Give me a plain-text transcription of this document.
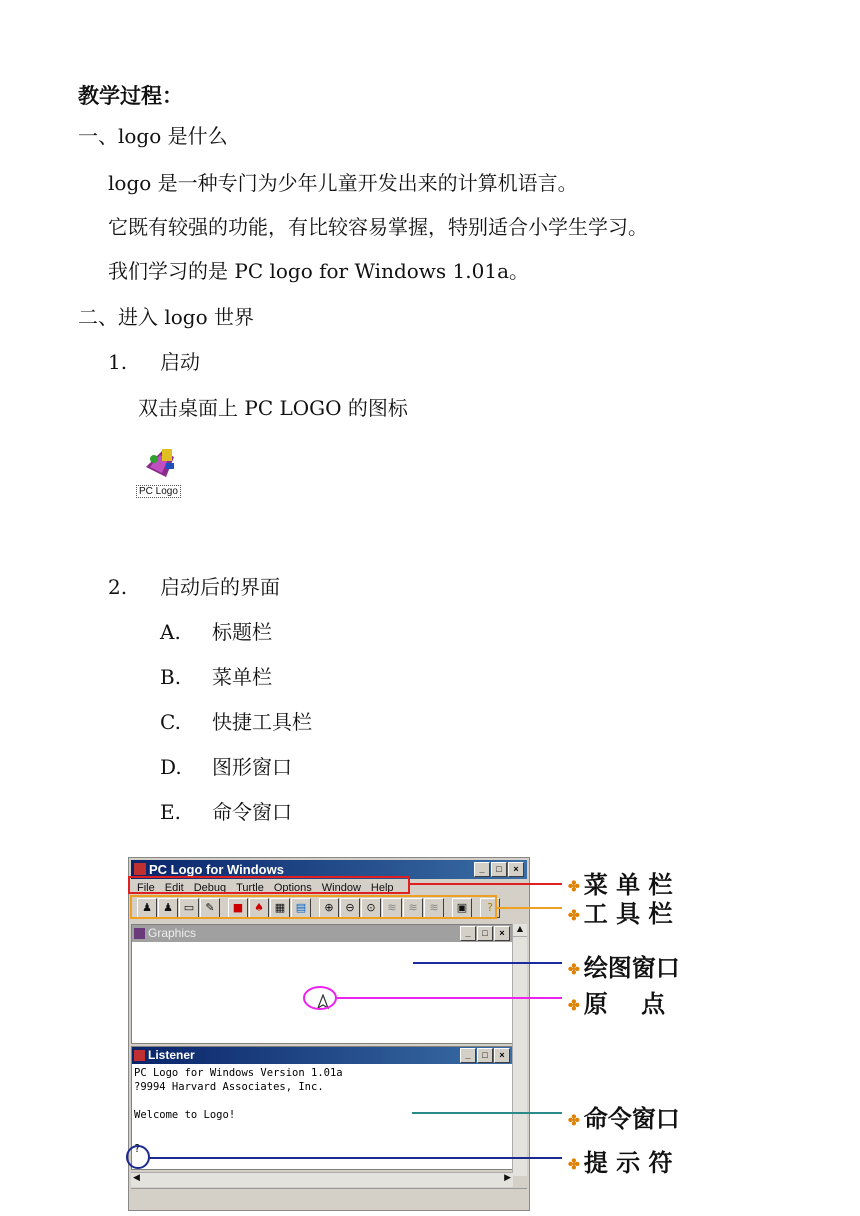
教学过程：
一、logo 是什么
logo 是一种专门为少年儿童开发出来的计算机语言。
它既有较强的功能，有比较容易掌握，特别适合小学生学习。
我们学习的是 PC logo for Windows 1.01a。
二、进入 logo 世界
1. 启动
双击桌面上 PC LOGO 的图标
PC Logo
2. 启动后的界面
A. 标题栏
B. 菜单栏
C. 快捷工具栏
D. 图形窗口
E. 命令窗口
PC Logo for Windows	_	□	×
File Edit Debug Turtle Options Window Help
♟	♟ ▭	✎	■ ♠ ▦ ▤	⊕	⊖	⊙	≋	≋	≋	▣	?
Graphics	_	□	×
Listener	_	□	×
PC Logo for Windows Version 1.01a
?9994 Harvard Associates, Inc.

Welcome to Logo!
?
▲
◀	▶
✤ 菜 单 栏
✤ 工 具 栏
✤ 绘图窗口
✤ 原    点
✤ 命令窗口
✤ 提 示 符
